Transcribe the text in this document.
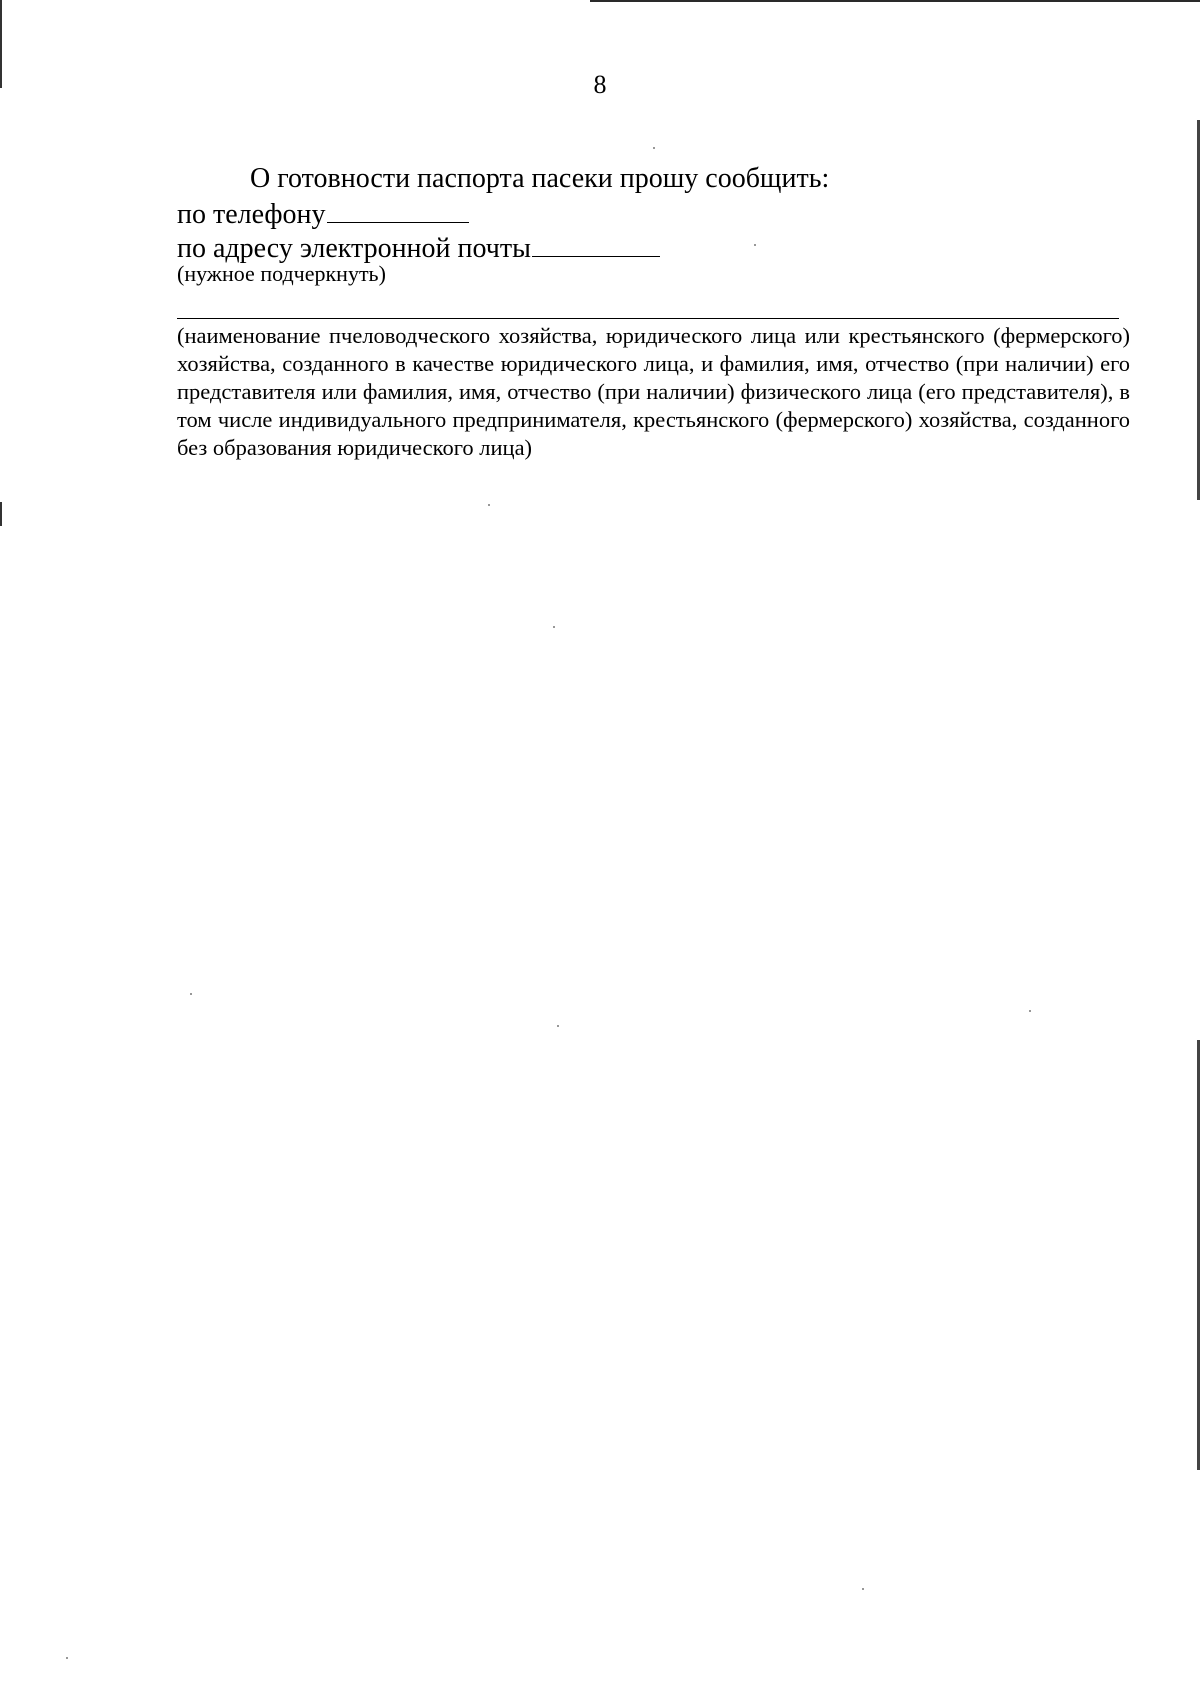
8
О готовности паспорта пасеки прошу сообщить:
по телефону
по адресу электронной почты
(нужное подчеркнуть)
(наименование пчеловодческого хозяйства, юридического лица или крестьянского (фермерского) хозяйства, созданного в качестве юридического лица, и фамилия, имя, отчество (при наличии) его представителя или фамилия, имя, отчество (при наличии) физического лица (его представителя), в том числе индивидуального предпринимателя, крестьянского (фермерского) хозяйства, созданного без образования юридического лица)
